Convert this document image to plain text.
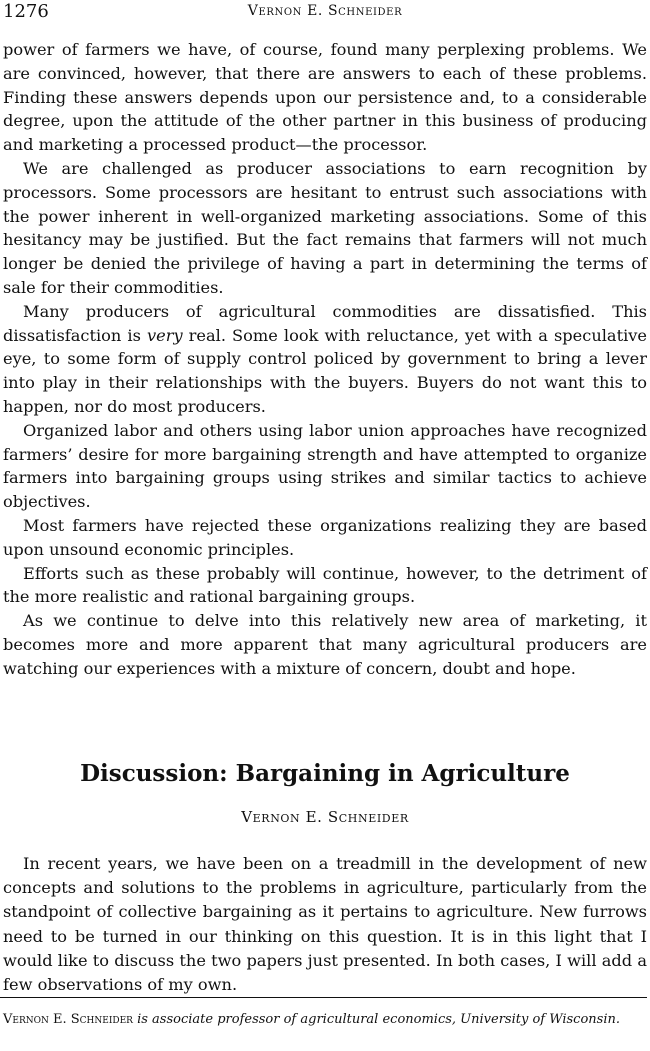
1276	Vernon E. Schneider

power of farmers we have, of course, found many perplexing problems. We are convinced, however, that there are answers to each of these problems. Finding these answers depends upon our persistence and, to a considerable degree, upon the attitude of the other partner in this business of producing and marketing a processed product—the processor.

We are challenged as producer associations to earn recognition by processors. Some processors are hesitant to entrust such associations with the power inherent in well-organized marketing associations. Some of this hesitancy may be justified. But the fact remains that farmers will not much longer be denied the privilege of having a part in determining the terms of sale for their commodities.

Many producers of agricultural commodities are dissatisfied. This dissatisfaction is very real. Some look with reluctance, yet with a speculative eye, to some form of supply control policed by government to bring a lever into play in their relationships with the buyers. Buyers do not want this to happen, nor do most producers.

Organized labor and others using labor union approaches have recognized farmers’ desire for more bargaining strength and have attempted to organize farmers into bargaining groups using strikes and similar tactics to achieve objectives.

Most farmers have rejected these organizations realizing they are based upon unsound economic principles.

Efforts such as these probably will continue, however, to the detriment of the more realistic and rational bargaining groups.

As we continue to delve into this relatively new area of marketing, it becomes more and more apparent that many agricultural producers are watching our experiences with a mixture of concern, doubt and hope.

Discussion: Bargaining in Agriculture
Vernon E. Schneider

In recent years, we have been on a treadmill in the development of new concepts and solutions to the problems in agriculture, particularly from the standpoint of collective bargaining as it pertains to agriculture. New furrows need to be turned in our thinking on this question. It is in this light that I would like to discuss the two papers just presented. In both cases, I will add a few observations of my own.

Vernon E. Schneider is associate professor of agricultural economics, University of Wisconsin.
